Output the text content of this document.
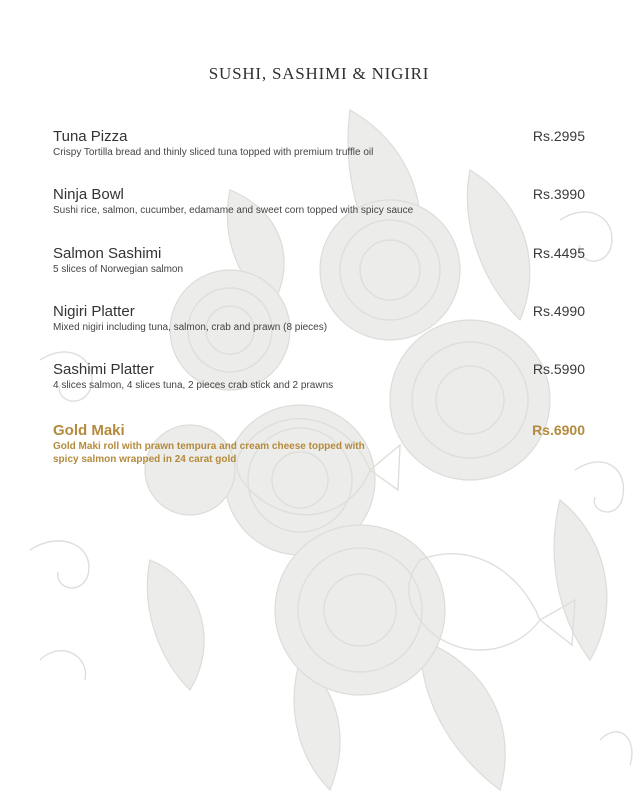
SUSHI, SASHIMI & NIGIRI
Tuna Pizza
Crispy Tortilla bread and thinly sliced tuna topped with premium truffle oil
Rs.2995
Ninja Bowl
Sushi rice, salmon, cucumber, edamame and sweet corn topped with spicy sauce
Rs.3990
Salmon Sashimi
5 slices of Norwegian salmon
Rs.4495
Nigiri Platter
Mixed nigiri including tuna, salmon, crab and prawn (8 pieces)
Rs.4990
Sashimi Platter
4 slices salmon, 4 slices tuna, 2 pieces crab stick and 2 prawns
Rs.5990
Gold Maki
Gold Maki roll with prawn tempura and cream cheese topped with spicy salmon wrapped in 24 carat gold
Rs.6900
